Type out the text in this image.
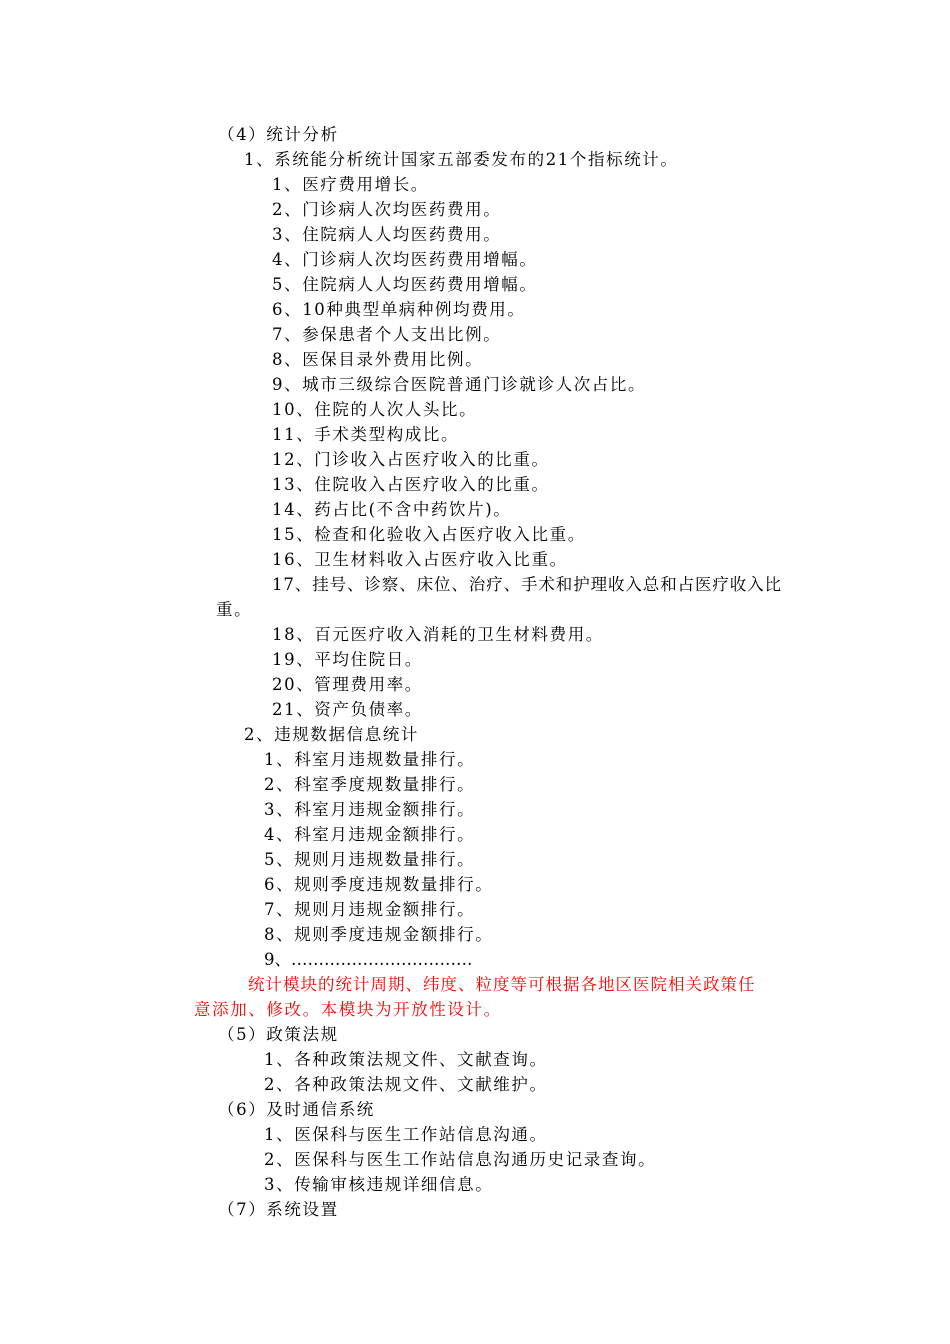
（4）统计分析
1、系统能分析统计国家五部委发布的21个指标统计。
1、医疗费用增长。
2、门诊病人次均医药费用。
3、住院病人人均医药费用。
4、门诊病人次均医药费用增幅。
5、住院病人人均医药费用增幅。
6、10种典型单病种例均费用。
7、参保患者个人支出比例。
8、医保目录外费用比例。
9、城市三级综合医院普通门诊就诊人次占比。
10、住院的人次人头比。
11、手术类型构成比。
12、门诊收入占医疗收入的比重。
13、住院收入占医疗收入的比重。
14、药占比(不含中药饮片)。
15、检查和化验收入占医疗收入比重。
16、卫生材料收入占医疗收入比重。
17、挂号、诊察、床位、治疗、手术和护理收入总和占医疗收入比
重。
18、百元医疗收入消耗的卫生材料费用。
19、平均住院日。
20、管理费用率。
21、资产负债率。
2、违规数据信息统计
1、科室月违规数量排行。
2、科室季度规数量排行。
3、科室月违规金额排行。
4、科室月违规金额排行。
5、规则月违规数量排行。
6、规则季度违规数量排行。
7、规则月违规金额排行。
8、规则季度违规金额排行。
9、……………………………
统计模块的统计周期、纬度、粒度等可根据各地区医院相关政策任
意添加、修改。本模块为开放性设计。
（5）政策法规
1、各种政策法规文件、文献查询。
2、各种政策法规文件、文献维护。
（6）及时通信系统
1、医保科与医生工作站信息沟通。
2、医保科与医生工作站信息沟通历史记录查询。
3、传输审核违规详细信息。
（7）系统设置
